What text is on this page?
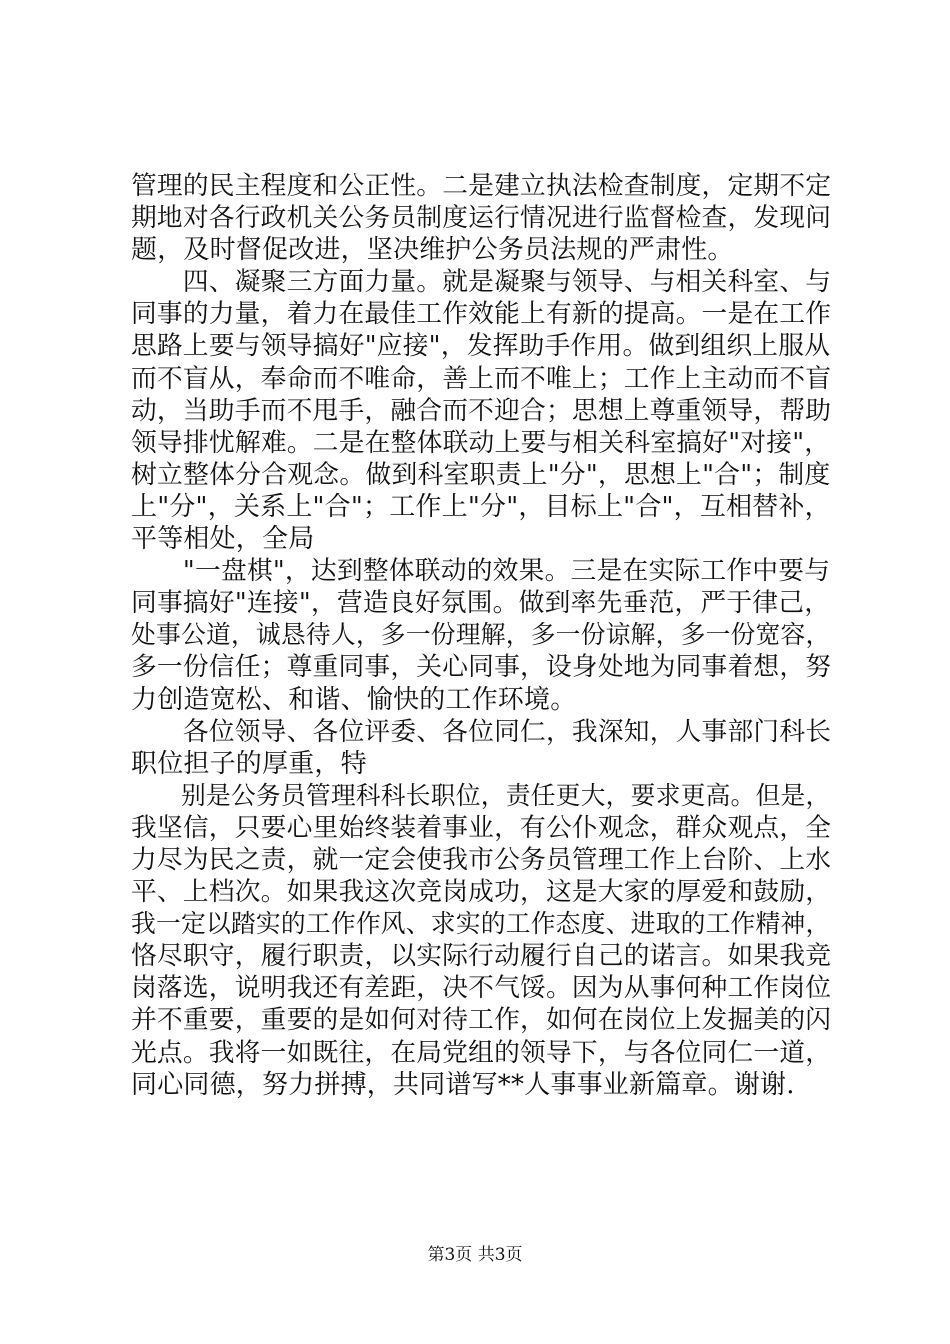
管理的民主程度和公正性。二是建立执法检查制度，定期不定
期地对各行政机关公务员制度运行情况进行监督检查，发现问
题，及时督促改进，坚决维护公务员法规的严肃性。
　　四、凝聚三方面力量。就是凝聚与领导、与相关科室、与
同事的力量，着力在最佳工作效能上有新的提高。一是在工作
思路上要与领导搞好"应接"，发挥助手作用。做到组织上服从
而不盲从，奉命而不唯命，善上而不唯上；工作上主动而不盲
动，当助手而不甩手，融合而不迎合；思想上尊重领导，帮助
领导排忧解难。二是在整体联动上要与相关科室搞好"对接"，
树立整体分合观念。做到科室职责上"分"，思想上"合"；制度
上"分"，关系上"合"；工作上"分"，目标上"合"，互相替补，
平等相处，全局
　　"一盘棋"，达到整体联动的效果。三是在实际工作中要与
同事搞好"连接"，营造良好氛围。做到率先垂范，严于律己，
处事公道，诚恳待人，多一份理解，多一份谅解，多一份宽容，
多一份信任；尊重同事，关心同事，设身处地为同事着想，努
力创造宽松、和谐、愉快的工作环境。
　　各位领导、各位评委、各位同仁，我深知，人事部门科长
职位担子的厚重，特
　　别是公务员管理科科长职位，责任更大，要求更高。但是，
我坚信，只要心里始终装着事业，有公仆观念，群众观点，全
力尽为民之责，就一定会使我市公务员管理工作上台阶、上水
平、上档次。如果我这次竞岗成功，这是大家的厚爱和鼓励，
我一定以踏实的工作作风、求实的工作态度、进取的工作精神，
恪尽职守，履行职责，以实际行动履行自己的诺言。如果我竞
岗落选，说明我还有差距，决不气馁。因为从事何种工作岗位
并不重要，重要的是如何对待工作，如何在岗位上发掘美的闪
光点。我将一如既往，在局党组的领导下，与各位同仁一道，
同心同德，努力拼搏，共同谱写**人事事业新篇章。谢谢.
第3页 共3页
